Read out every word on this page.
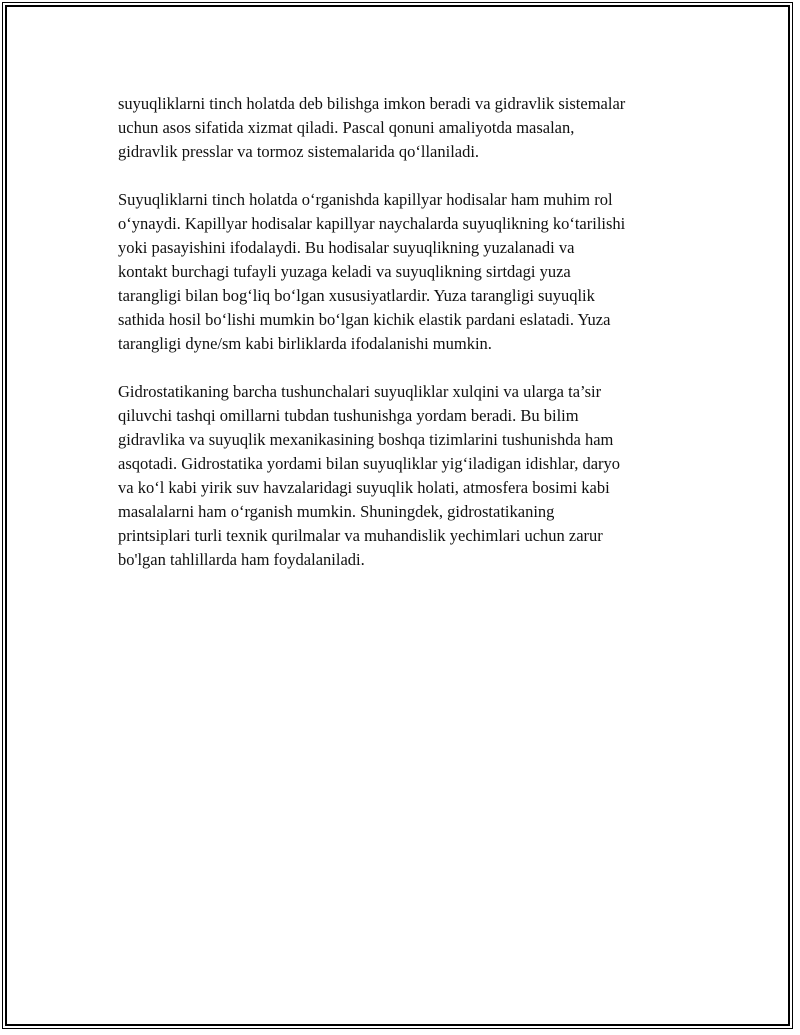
suyuqliklarni tinch holatda deb bilishga imkon beradi va gidravlik sistemalar
uchun asos sifatida xizmat qiladi. Pascal qonuni amaliyotda masalan,
gidravlik presslar va tormoz sistemalarida qo‘llaniladi.

Suyuqliklarni tinch holatda o‘rganishda kapillyar hodisalar ham muhim rol
o‘ynaydi. Kapillyar hodisalar kapillyar naychalarda suyuqlikning ko‘tarilishi
yoki pasayishini ifodalaydi. Bu hodisalar suyuqlikning yuzalanadi va
kontakt burchagi tufayli yuzaga keladi va suyuqlikning sirtdagi yuza
tarangligi bilan bog‘liq bo‘lgan xususiyatlardir. Yuza tarangligi suyuqlik
sathida hosil bo‘lishi mumkin bo‘lgan kichik elastik pardani eslatadi. Yuza
tarangligi dyne/sm kabi birliklarda ifodalanishi mumkin.

Gidrostatikaning barcha tushunchalari suyuqliklar xulqini va ularga ta’sir
qiluvchi tashqi omillarni tubdan tushunishga yordam beradi. Bu bilim
gidravlika va suyuqlik mexanikasining boshqa tizimlarini tushunishda ham
asqotadi. Gidrostatika yordami bilan suyuqliklar yig‘iladigan idishlar, daryo
va ko‘l kabi yirik suv havzalaridagi suyuqlik holati, atmosfera bosimi kabi
masalalarni ham o‘rganish mumkin. Shuningdek, gidrostatikaning
printsiplari turli texnik qurilmalar va muhandislik yechimlari uchun zarur
bo'lgan tahlillarda ham foydalaniladi.
